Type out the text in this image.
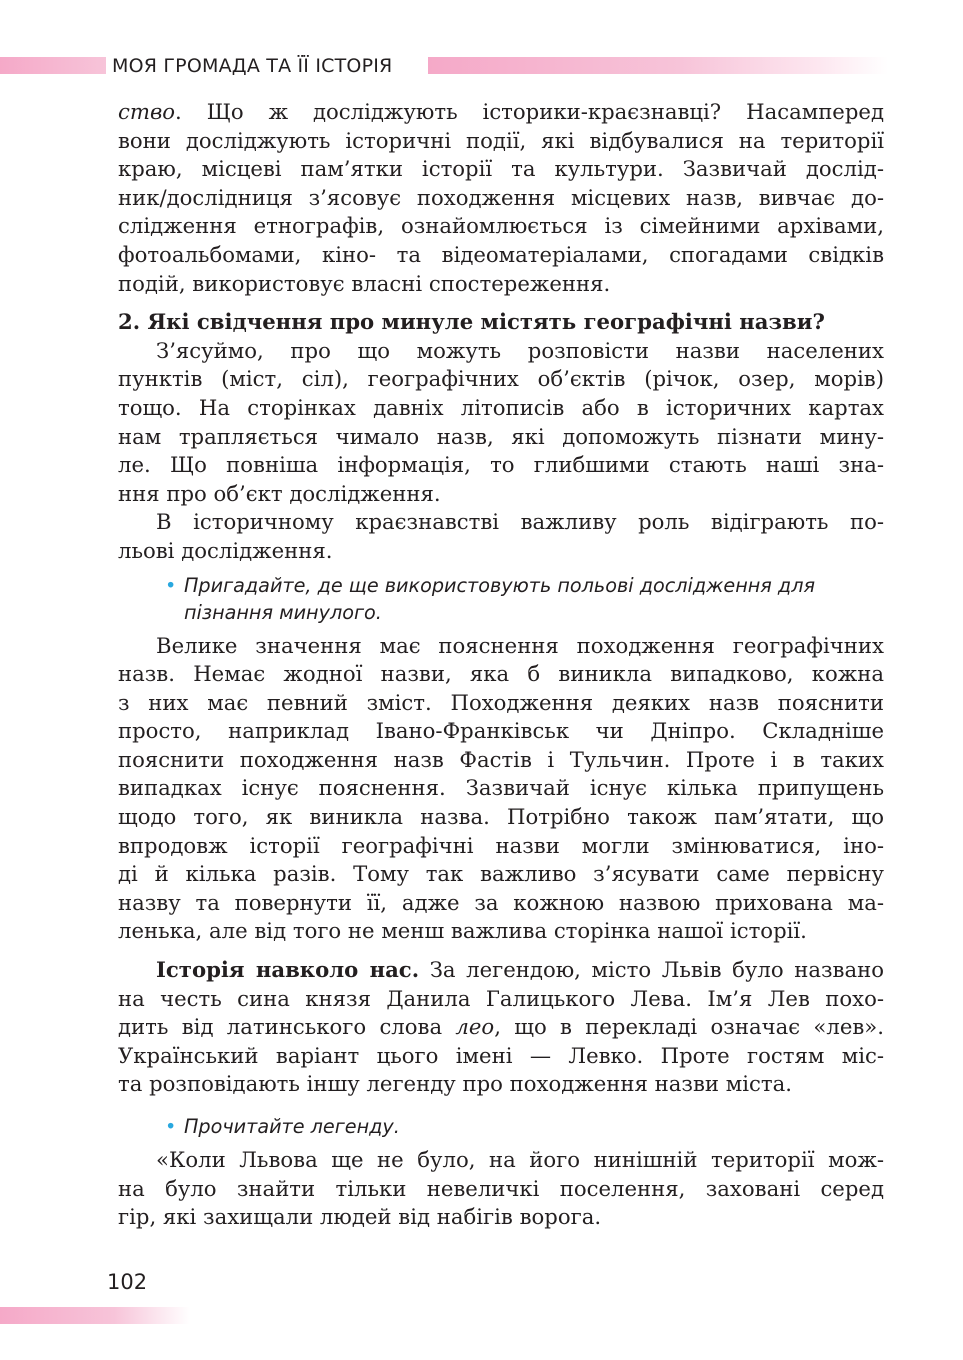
МОЯ ГРОМАДА ТА ЇЇ ІСТОРІЯ
ство. Що ж досліджують історики-краєзнавці? Насамперед
вони досліджують історичні події, які відбувалися на території
краю, місцеві пам’ятки історії та культури. Зазвичай дослід-
ник/дослідниця з’ясовує походження місцевих назв, вивчає до-
слідження етнографів, ознайомлюється із сімейними архівами,
фотоальбомами, кіно- та відеоматеріалами, спогадами свідків
подій, використовує власні спостереження.
2. Які свідчення про минуле містять географічні назви?
З’ясуймо, про що можуть розповісти назви населених
пунктів (міст, сіл), географічних об’єктів (річок, озер, морів)
тощо. На сторінках давніх літописів або в історичних картах
нам трапляється чимало назв, які допоможуть пізнати мину-
ле. Що повніша інформація, то глибшими стають наші зна-
ння про об’єкт дослідження.
В історичному краєзнавстві важливу роль відіграють по-
льові дослідження.
• Пригадайте, де ще використовують польові дослідження для
пізнання минулого.
Велике значення має пояснення походження географічних
назв. Немає жодної назви, яка б виникла випадково, кожна
з них має певний зміст. Походження деяких назв пояснити
просто, наприклад Івано-Франківськ чи Дніпро. Складніше
пояснити походження назв Фастів і Тульчин. Проте і в таких
випадках існує пояснення. Зазвичай існує кілька припущень
щодо того, як виникла назва. Потрібно також пам’ятати, що
впродовж історії географічні назви могли змінюватися, іно-
ді й кілька разів. Тому так важливо з’ясувати саме первісну
назву та повернути її, адже за кожною назвою прихована ма-
ленька, але від того не менш важлива сторінка нашої історії.
Історія навколо нас. За легендою, місто Львів було названо
на честь сина князя Данила Галицького Лева. Ім’я Лев похо-
дить від латинського слова лео, що в перекладі означає «лев».
Український варіант цього імені — Левко. Проте гостям міс-
та розповідають іншу легенду про походження назви міста.
• Прочитайте легенду.
«Коли Львова ще не було, на його нинішній території мож-
на було знайти тільки невеличкі поселення, заховані серед
гір, які захищали людей від набігів ворога.
102
